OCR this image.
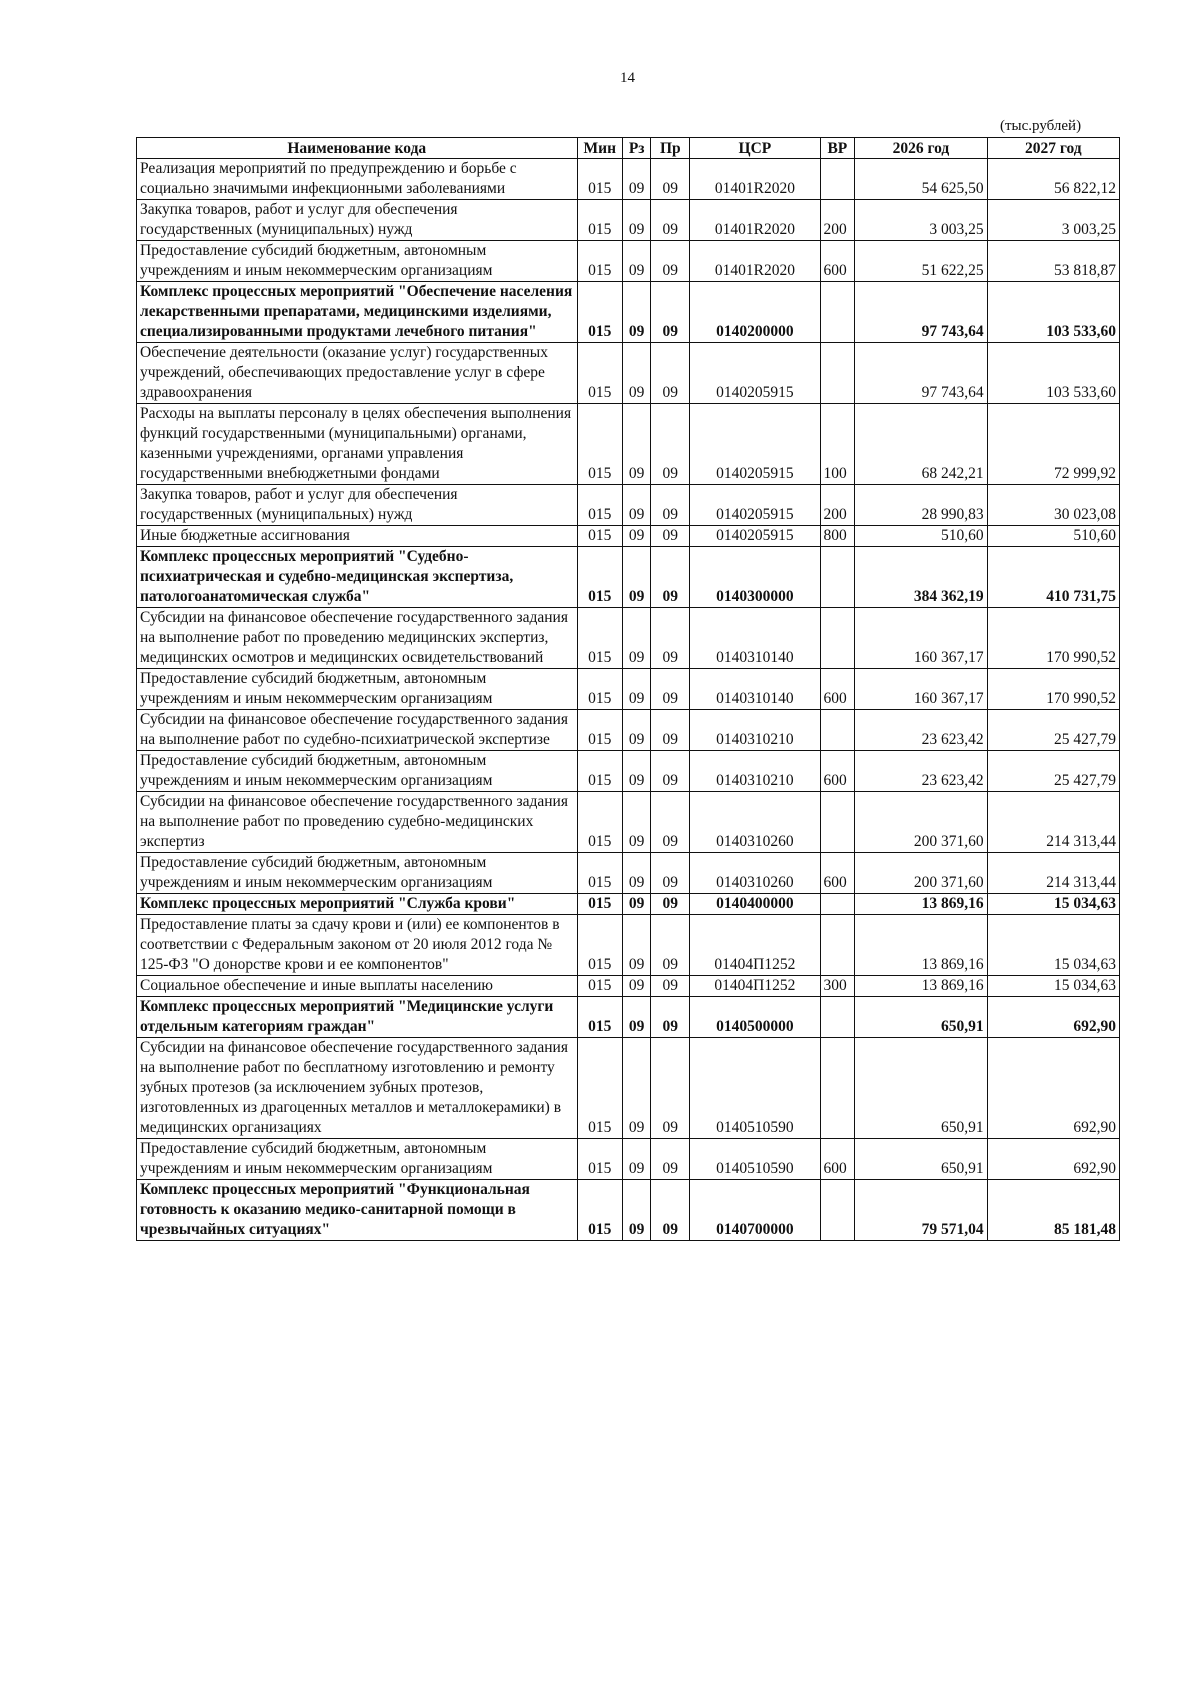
14
(тыс.рублей)
Наименование кода	Мин	Рз	Пр	ЦСР	ВР	2026 год	2027 год
Реализация мероприятий по предупреждению и борьбе с социально значимыми инфекционными заболеваниями	015	09	09	01401R2020		54 625,50	56 822,12
Закупка товаров, работ и услуг для обеспечения государственных (муниципальных) нужд	015	09	09	01401R2020	200	3 003,25	3 003,25
Предоставление субсидий бюджетным, автономным учреждениям и иным некоммерческим организациям	015	09	09	01401R2020	600	51 622,25	53 818,87
Комплекс процессных мероприятий "Обеспечение населения лекарственными препаратами, медицинскими изделиями, специализированными продуктами лечебного питания"	015	09	09	0140200000		97 743,64	103 533,60
Обеспечение деятельности (оказание услуг) государственных учреждений, обеспечивающих предоставление услуг в сфере здравоохранения	015	09	09	0140205915		97 743,64	103 533,60
Расходы на выплаты персоналу в целях обеспечения выполнения функций государственными (муниципальными) органами, казенными учреждениями, органами управления государственными внебюджетными фондами	015	09	09	0140205915	100	68 242,21	72 999,92
Закупка товаров, работ и услуг для обеспечения государственных (муниципальных) нужд	015	09	09	0140205915	200	28 990,83	30 023,08
Иные бюджетные ассигнования	015	09	09	0140205915	800	510,60	510,60
Комплекс процессных мероприятий "Судебно-психиатрическая и судебно-медицинская экспертиза, патологоанатомическая служба"	015	09	09	0140300000		384 362,19	410 731,75
Субсидии на финансовое обеспечение государственного задания на выполнение работ по проведению медицинских экспертиз, медицинских осмотров и медицинских освидетельствований	015	09	09	0140310140		160 367,17	170 990,52
Предоставление субсидий бюджетным, автономным учреждениям и иным некоммерческим организациям	015	09	09	0140310140	600	160 367,17	170 990,52
Субсидии на финансовое обеспечение государственного задания на выполнение работ по судебно-психиатрической экспертизе	015	09	09	0140310210		23 623,42	25 427,79
Предоставление субсидий бюджетным, автономным учреждениям и иным некоммерческим организациям	015	09	09	0140310210	600	23 623,42	25 427,79
Субсидии на финансовое обеспечение государственного задания на выполнение работ по проведению судебно-медицинских экспертиз	015	09	09	0140310260		200 371,60	214 313,44
Предоставление субсидий бюджетным, автономным учреждениям и иным некоммерческим организациям	015	09	09	0140310260	600	200 371,60	214 313,44
Комплекс процессных мероприятий "Служба крови"	015	09	09	0140400000		13 869,16	15 034,63
Предоставление платы за сдачу крови и (или) ее компонентов в соответствии с Федеральным законом от 20 июля 2012 года № 125-ФЗ "О донорстве крови и ее компонентов"	015	09	09	01404П1252		13 869,16	15 034,63
Социальное обеспечение и иные выплаты населению	015	09	09	01404П1252	300	13 869,16	15 034,63
Комплекс процессных мероприятий "Медицинские услуги отдельным категориям граждан"	015	09	09	0140500000		650,91	692,90
Субсидии на финансовое обеспечение государственного задания на выполнение работ по бесплатному изготовлению и ремонту зубных протезов (за исключением зубных протезов, изготовленных из драгоценных металлов и металлокерамики) в медицинских организациях	015	09	09	0140510590		650,91	692,90
Предоставление субсидий бюджетным, автономным учреждениям и иным некоммерческим организациям	015	09	09	0140510590	600	650,91	692,90
Комплекс процессных мероприятий "Функциональная готовность к оказанию медико-санитарной помощи в чрезвычайных ситуациях"	015	09	09	0140700000		79 571,04	85 181,48
